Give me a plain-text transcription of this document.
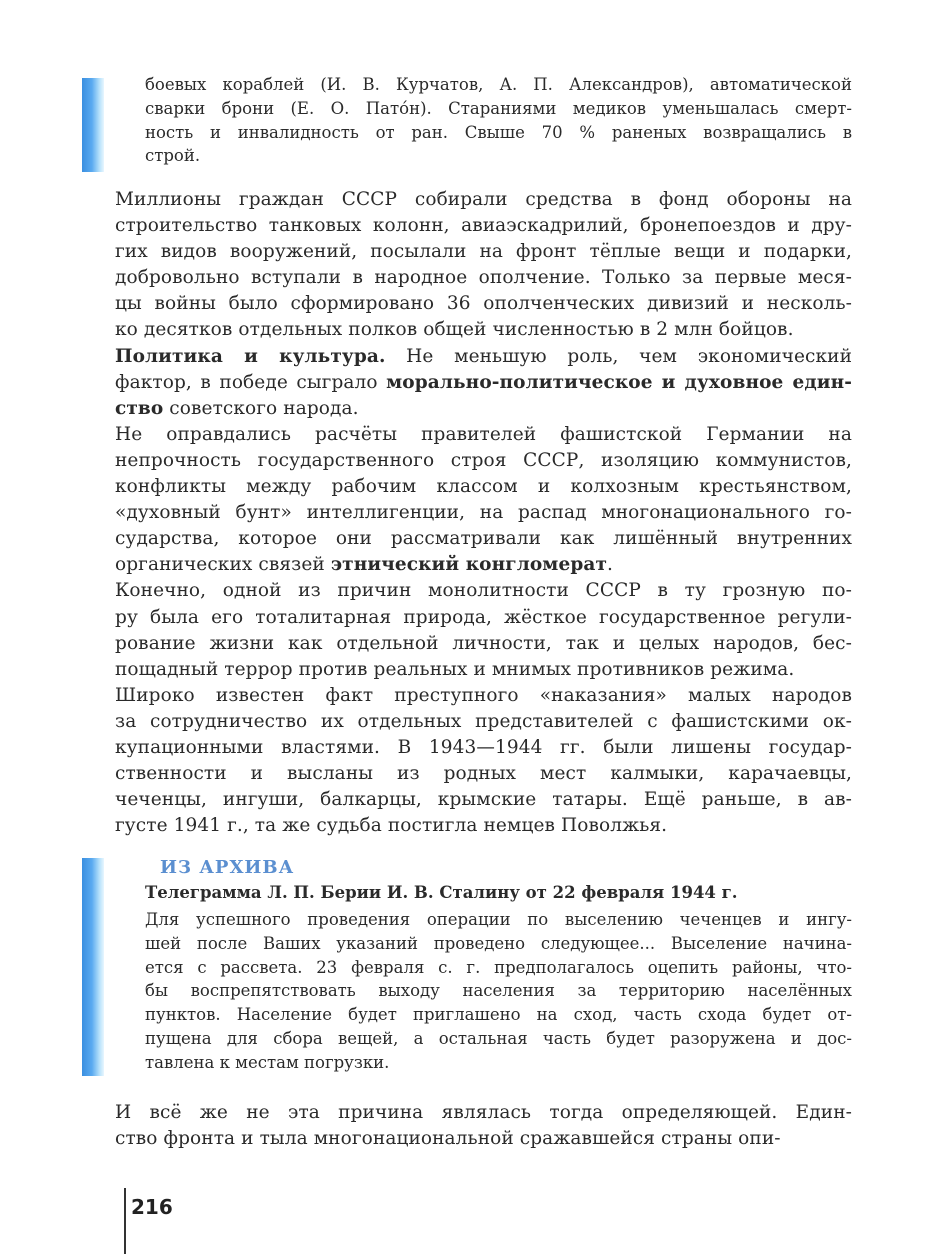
боевых кораблей (И. В. Курчатов, А. П. Александров), автоматической
сварки брони (Е. О. Пато́н). Стараниями медиков уменьшалась смерт-
ность и инвалидность от ран. Свыше 70 % раненых возвращались в
строй.
Миллионы граждан СССР собирали средства в фонд обороны на
строительство танковых колонн, авиаэскадрилий, бронепоездов и дру-
гих видов вооружений, посылали на фронт тёплые вещи и подарки,
добровольно вступали в народное ополчение. Только за первые меся-
цы войны было сформировано 36 ополченческих дивизий и несколь-
ко десятков отдельных полков общей численностью в 2 млн бойцов.
Политика и культура. Не меньшую роль, чем экономический
фактор, в победе сыграло морально-политическое и духовное един-
ство советского народа.
Не оправдались расчёты правителей фашистской Германии на
непрочность государственного строя СССР, изоляцию коммунистов,
конфликты между рабочим классом и колхозным крестьянством,
«духовный бунт» интеллигенции, на распад многонационального го-
сударства, которое они рассматривали как лишённый внутренних
органических связей этнический конгломерат.
Конечно, одной из причин монолитности СССР в ту грозную по-
ру была его тоталитарная природа, жёсткое государственное регули-
рование жизни как отдельной личности, так и целых народов, бес-
пощадный террор против реальных и мнимых противников режима.
Широко известен факт преступного «наказания» малых народов
за сотрудничество их отдельных представителей с фашистскими ок-
купационными властями. В 1943—1944 гг. были лишены государ-
ственности и высланы из родных мест калмыки, карачаевцы,
чеченцы, ингуши, балкарцы, крымские татары. Ещё раньше, в ав-
густе 1941 г., та же судьба постигла немцев Поволжья.
ИЗ АРХИВА
Телеграмма Л. П. Берии И. В. Сталину от 22 февраля 1944 г.
Для успешного проведения операции по выселению чеченцев и ингу-
шей после Ваших указаний проведено следующее... Выселение начина-
ется с рассвета. 23 февраля с. г. предполагалось оцепить районы, что-
бы воспрепятствовать выходу населения за территорию населённых
пунктов. Население будет приглашено на сход, часть схода будет от-
пущена для сбора вещей, а остальная часть будет разоружена и дос-
тавлена к местам погрузки.
И всё же не эта причина являлась тогда определяющей. Един-
ство фронта и тыла многонациональной сражавшейся страны опи-
216
